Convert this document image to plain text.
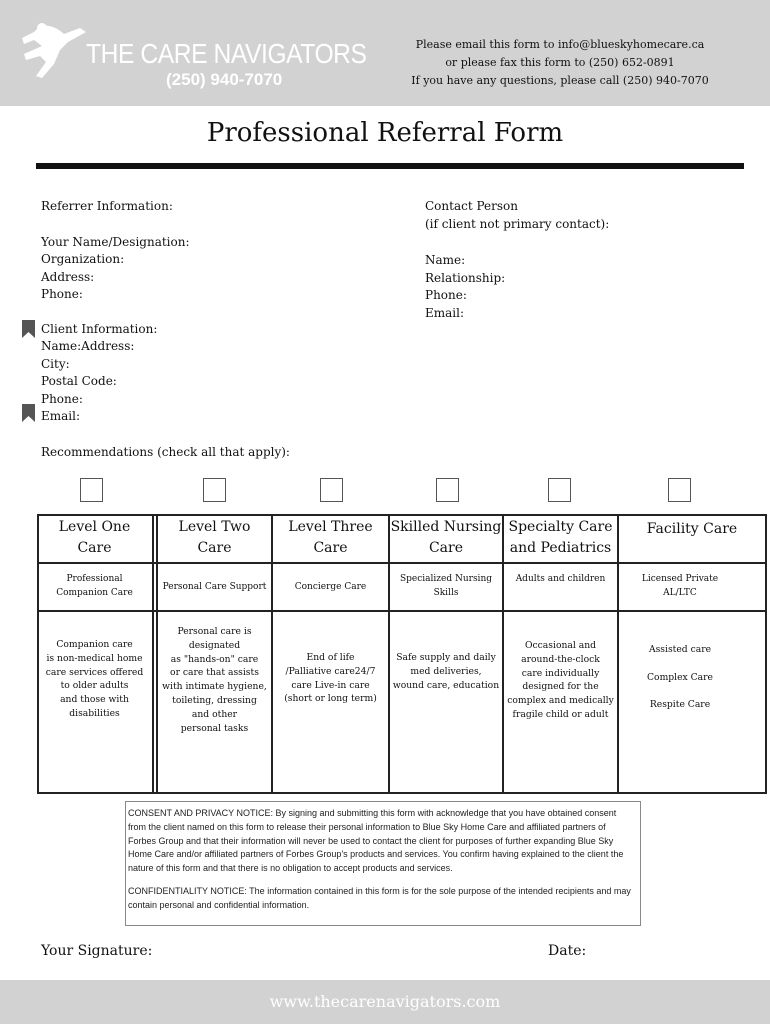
THE CARE NAVIGATORS
(250) 940-7070
Please email this form to info@blueskyhomecare.ca
or please fax this form to (250) 652-0891
If you have any questions, please call (250) 940-7070
Professional Referral Form
Referrer Information:
Your Name/Designation:
Organization:
Address:
Phone:
Client Information:
Name:Address:
City:
Postal Code:
Phone:
Email:
Contact Person
(if client not primary contact):
Name:
Relationship:
Phone:
Email:
Recommendations (check all that apply):
Level One
Care
Professional
Companion Care
Companion care
is non-medical home
care services offered
to older adults
and those with
disabilities
Level Two
Care
Personal Care Support
Personal care is
designated
as "hands-on" care
or care that assists
with intimate hygiene,
toileting, dressing
and other
personal tasks
Level Three
Care
Concierge Care
End of life
/Palliative care24/7
care Live-in care
(short or long term)
Skilled Nursing
Care
Specialized Nursing
Skills
Safe supply and daily
med deliveries,
wound care, education
Specialty Care
and Pediatrics
Adults and children
Occasional and
around-the-clock
care individually
designed for the
complex and medically
fragile child or adult
Facility Care
Licensed Private
AL/LTC
Assisted care
Complex Care
Respite Care

CONSENT AND PRIVACY NOTICE: By signing and submitting this form with acknowledge that you have obtained consent from the client named on this form to release their personal information to Blue Sky Home Care and affiliated partners of Forbes Group and that their information will never be used to contact the client for purposes of further expanding Blue Sky Home Care and/or affiliated partners of Forbes Group's products and services. You confirm having explained to the client the nature of this form and that there is no obligation to accept products and services.

CONFIDENTIALITY NOTICE: The information contained in this form is for the sole purpose of the intended recipients and may contain personal and confidential information.

Your Signature:	Date:
www.thecarenavigators.com
